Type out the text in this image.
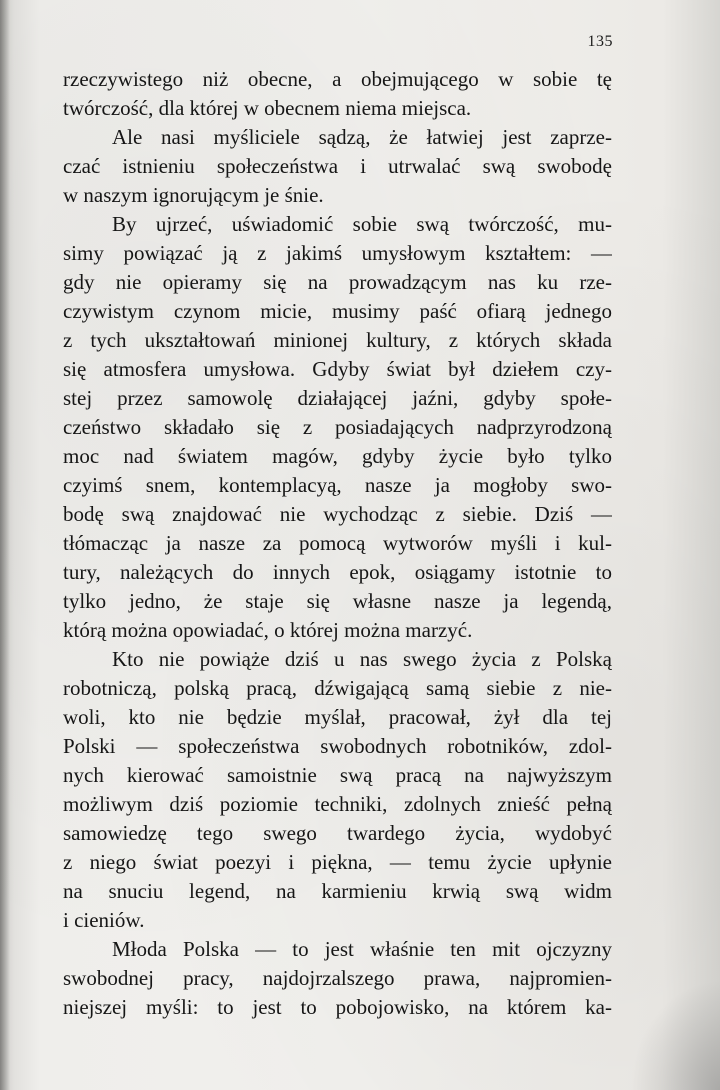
135

rzeczywistego niż obecne, a obejmującego w sobie tę
twórczość, dla której w obecnem niema miejsca.

Ale nasi myśliciele sądzą, że łatwiej jest zaprze-
czać istnieniu społeczeństwa i utrwalać swą swobodę
w naszym ignorującym je śnie.

By ujrzeć, uświadomić sobie swą twórczość, mu-
simy powiązać ją z jakimś umysłowym kształtem: —
gdy nie opieramy się na prowadzącym nas ku rze-
czywistym czynom micie, musimy paść ofiarą jednego
z tych ukształtowań minionej kultury, z których składa
się atmosfera umysłowa. Gdyby świat był dziełem czy-
stej przez samowolę działającej jaźni, gdyby społe-
czeństwo składało się z posiadających nadprzyrodzoną
moc nad światem magów, gdyby życie było tylko
czyimś snem, kontemplacyą, nasze ja mogłoby swo-
bodę swą znajdować nie wychodząc z siebie. Dziś —
tłómacząc ja nasze za pomocą wytworów myśli i kul-
tury, należących do innych epok, osiągamy istotnie to
tylko jedno, że staje się własne nasze ja legendą,
którą można opowiadać, o której można marzyć.

Kto nie powiąże dziś u nas swego życia z Polską
robotniczą, polską pracą, dźwigającą samą siebie z nie-
woli, kto nie będzie myślał, pracował, żył dla tej
Polski — społeczeństwa swobodnych robotników, zdol-
nych kierować samoistnie swą pracą na najwyższym
możliwym dziś poziomie techniki, zdolnych znieść pełną
samowiedzę tego swego twardego życia, wydobyć
z niego świat poezyi i piękna, — temu życie upłynie
na snuciu legend, na karmieniu krwią swą widm
i cieniów.

Młoda Polska — to jest właśnie ten mit ojczyzny
swobodnej pracy, najdojrzalszego prawa, najpromien-
niejszej myśli: to jest to pobojowisko, na którem ka-
